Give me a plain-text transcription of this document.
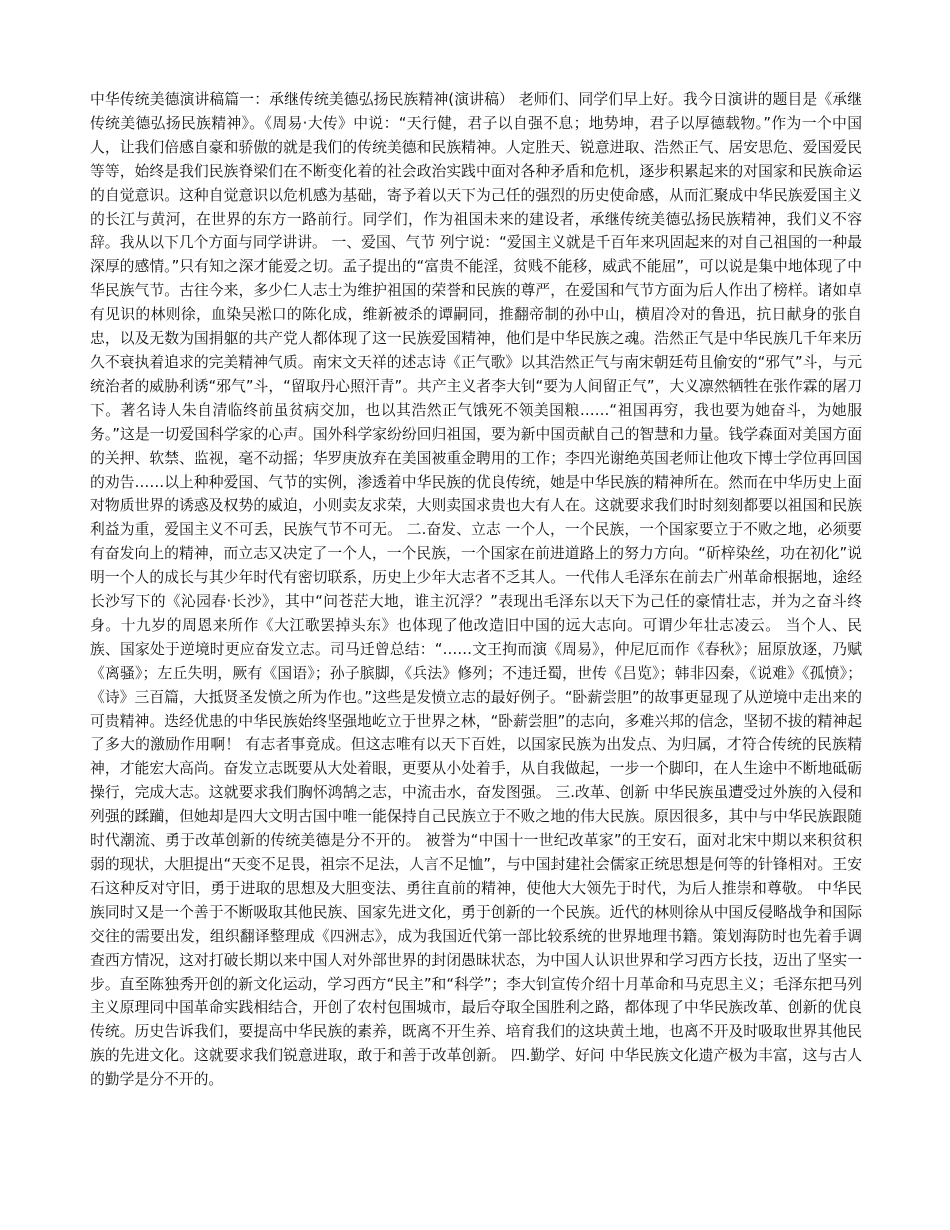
中华传统美德演讲稿篇一：承继传统美德弘扬民族精神(演讲稿） 老师们、同学们早上好。我今日演讲的题目是《承继传统美德弘扬民族精神》。《周易·大传》中说：“天行健，君子以自强不息；地势坤，君子以厚德载物。”作为一个中国人，让我们倍感自豪和骄傲的就是我们的传统美德和民族精神。人定胜天、锐意进取、浩然正气、居安思危、爱国爱民等等，始终是我们民族脊梁们在不断变化着的社会政治实践中面对各种矛盾和危机，逐步积累起来的对国家和民族命运的自觉意识。这种自觉意识以危机感为基础，寄予着以天下为己任的强烈的历史使命感，从而汇聚成中华民族爱国主义的长江与黄河，在世界的东方一路前行。同学们，作为祖国未来的建设者，承继传统美德弘扬民族精神，我们义不容辞。我从以下几个方面与同学讲讲。 一、爱国、气节 列宁说：“爱国主义就是千百年来巩固起来的对自己祖国的一种最深厚的感情。”只有知之深才能爱之切。孟子提出的“富贵不能淫，贫贱不能移，威武不能屈”，可以说是集中地体现了中华民族气节。古往今来，多少仁人志士为维护祖国的荣誉和民族的尊严，在爱国和气节方面为后人作出了榜样。诸如卓有见识的林则徐，血染吴淞口的陈化成，维新被杀的谭嗣同，推翻帝制的孙中山，横眉冷对的鲁迅，抗日献身的张自忠，以及无数为国捐躯的共产党人都体现了这一民族爱国精神，他们是中华民族之魂。浩然正气是中华民族几千年来历久不衰执着追求的完美精神气质。南宋文天祥的述志诗《正气歌》以其浩然正气与南宋朝廷苟且偷安的“邪气”斗，与元统治者的威胁利诱“邪气”斗，“留取丹心照汗青”。共产主义者李大钊“要为人间留正气”，大义凛然牺牲在张作霖的屠刀下。著名诗人朱自清临终前虽贫病交加，也以其浩然正气饿死不领美国粮……“祖国再穷，我也要为她奋斗，为她服务。”这是一切爱国科学家的心声。国外科学家纷纷回归祖国，要为新中国贡献自己的智慧和力量。钱学森面对美国方面的关押、软禁、监视，毫不动摇；华罗庚放弃在美国被重金聘用的工作；李四光谢绝英国老师让他攻下博士学位再回国的劝告……以上种种爱国、气节的实例，渗透着中华民族的优良传统，她是中华民族的精神所在。然而在中华历史上面对物质世界的诱惑及权势的威迫，小则卖友求荣，大则卖国求贵也大有人在。这就要求我们时时刻刻都要以祖国和民族利益为重，爱国主义不可丢，民族气节不可无。 二.奋发、立志 一个人，一个民族，一个国家要立于不败之地，必须要有奋发向上的精神，而立志又决定了一个人，一个民族，一个国家在前进道路上的努力方向。“斫梓染丝，功在初化”说明一个人的成长与其少年时代有密切联系，历史上少年大志者不乏其人。一代伟人毛泽东在前去广州革命根据地，途经长沙写下的《沁园春·长沙》，其中“问苍茫大地，谁主沉浮？”表现出毛泽东以天下为己任的豪情壮志，并为之奋斗终身。十九岁的周恩来所作《大江歌罢掉头东》也体现了他改造旧中国的远大志向。可谓少年壮志凌云。 当个人、民族、国家处于逆境时更应奋发立志。司马迁曾总结：“……文王拘而演《周易》，仲尼厄而作《春秋》；屈原放逐，乃赋《离骚》；左丘失明，厥有《国语》；孙子膑脚，《兵法》修列；不违迁蜀，世传《吕览》；韩非囚秦，《说难》《孤愤》；《诗》三百篇，大抵贤圣发愤之所为作也。”这些是发愤立志的最好例子。“卧薪尝胆”的故事更显现了从逆境中走出来的可贵精神。迭经优患的中华民族始终坚强地屹立于世界之林，“卧薪尝胆”的志向，多难兴邦的信念，坚韧不拔的精神起了多大的激励作用啊！ 有志者事竟成。但这志唯有以天下百姓，以国家民族为出发点、为归属，才符合传统的民族精神，才能宏大高尚。奋发立志既要从大处着眼，更要从小处着手，从自我做起，一步一个脚印，在人生途中不断地砥砺操行，完成大志。这就要求我们胸怀鸿鹄之志，中流击水，奋发图强。 三.改革、创新 中华民族虽遭受过外族的入侵和列强的蹂躏，但她却是四大文明古国中唯一能保持自己民族立于不败之地的伟大民族。原因很多，其中与中华民族跟随时代潮流、勇于改革创新的传统美德是分不开的。 被誉为“中国十一世纪改革家”的王安石，面对北宋中期以来积贫积弱的现状，大胆提出“天变不足畏，祖宗不足法，人言不足恤”，与中国封建社会儒家正统思想是何等的针锋相对。王安石这种反对守旧，勇于进取的思想及大胆变法、勇往直前的精神，使他大大领先于时代，为后人推崇和尊敬。 中华民族同时又是一个善于不断吸取其他民族、国家先进文化，勇于创新的一个民族。近代的林则徐从中国反侵略战争和国际交往的需要出发，组织翻译整理成《四洲志》，成为我国近代第一部比较系统的世界地理书籍。策划海防时也先着手调查西方情况，这对打破长期以来中国人对外部世界的封闭愚昧状态，为中国人认识世界和学习西方长技，迈出了坚实一步。直至陈独秀开创的新文化运动，学习西方“民主”和“科学”；李大钊宣传介绍十月革命和马克思主义；毛泽东把马列主义原理同中国革命实践相结合，开创了农村包围城市，最后夺取全国胜利之路，都体现了中华民族改革、创新的优良传统。历史告诉我们，要提高中华民族的素养，既离不开生养、培育我们的这块黄土地，也离不开及时吸取世界其他民族的先进文化。这就要求我们锐意进取，敢于和善于改革创新。 四.勤学、好问 中华民族文化遗产极为丰富，这与古人的勤学是分不开的。
